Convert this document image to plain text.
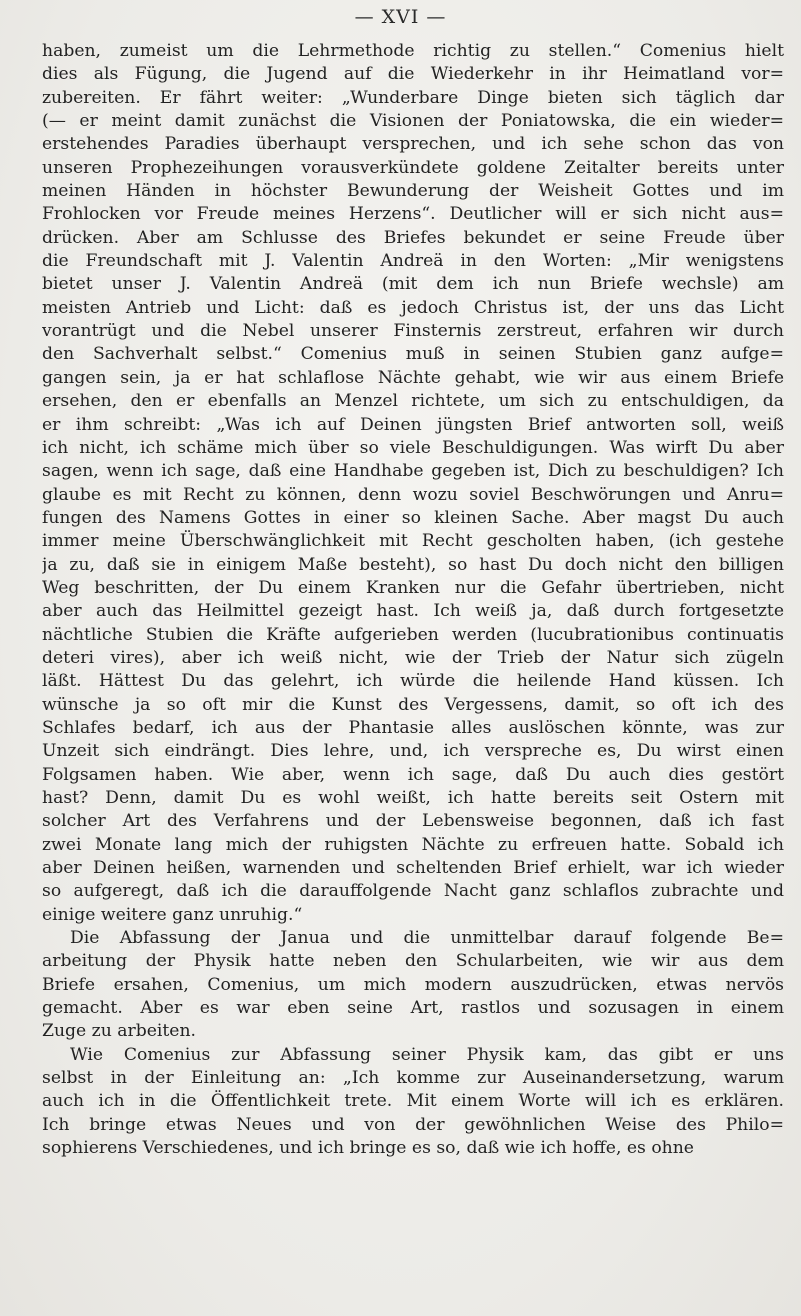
— XVI —
haben, zumeist um die Lehrmethode richtig zu stellen.“ Comenius hielt
dies als Fügung, die Jugend auf die Wiederkehr in ihr Heimatland vor=
zubereiten. Er fährt weiter: „Wunderbare Dinge bieten sich täglich dar
(— er meint damit zunächst die Visionen der Poniatowska, die ein wieder=
erstehendes Paradies überhaupt versprechen, und ich sehe schon das von
unseren Prophezeihungen vorausverkündete goldene Zeitalter bereits unter
meinen Händen in höchster Bewunderung der Weisheit Gottes und im
Frohlocken vor Freude meines Herzens“. Deutlicher will er sich nicht aus=
drücken. Aber am Schlusse des Briefes bekundet er seine Freude über
die Freundschaft mit J. Valentin Andreä in den Worten: „Mir wenigstens
bietet unser J. Valentin Andreä (mit dem ich nun Briefe wechsle) am
meisten Antrieb und Licht: daß es jedoch Christus ist, der uns das Licht
vorantrügt und die Nebel unserer Finsternis zerstreut, erfahren wir durch
den Sachverhalt selbst.“ Comenius muß in seinen Stubien ganz aufge=
gangen sein, ja er hat schlaflose Nächte gehabt, wie wir aus einem Briefe
ersehen, den er ebenfalls an Menzel richtete, um sich zu entschuldigen, da
er ihm schreibt: „Was ich auf Deinen jüngsten Brief antworten soll, weiß
ich nicht, ich schäme mich über so viele Beschuldigungen. Was wirft Du aber
sagen, wenn ich sage, daß eine Handhabe gegeben ist, Dich zu beschuldigen? Ich
glaube es mit Recht zu können, denn wozu soviel Beschwörungen und Anru=
fungen des Namens Gottes in einer so kleinen Sache. Aber magst Du auch
immer meine Überschwänglichkeit mit Recht gescholten haben, (ich gestehe
ja zu, daß sie in einigem Maße besteht), so hast Du doch nicht den billigen
Weg beschritten, der Du einem Kranken nur die Gefahr übertrieben, nicht
aber auch das Heilmittel gezeigt hast. Ich weiß ja, daß durch fortgesetzte
nächtliche Stubien die Kräfte aufgerieben werden (lucubrationibus continuatis
deteri vires), aber ich weiß nicht, wie der Trieb der Natur sich zügeln
läßt. Hättest Du das gelehrt, ich würde die heilende Hand küssen. Ich
wünsche ja so oft mir die Kunst des Vergessens, damit, so oft ich des
Schlafes bedarf, ich aus der Phantasie alles auslöschen könnte, was zur
Unzeit sich eindrängt. Dies lehre, und, ich verspreche es, Du wirst einen
Folgsamen haben. Wie aber, wenn ich sage, daß Du auch dies gestört
hast? Denn, damit Du es wohl weißt, ich hatte bereits seit Ostern mit
solcher Art des Verfahrens und der Lebensweise begonnen, daß ich fast
zwei Monate lang mich der ruhigsten Nächte zu erfreuen hatte. Sobald ich
aber Deinen heißen, warnenden und scheltenden Brief erhielt, war ich wieder
so aufgeregt, daß ich die darauffolgende Nacht ganz schlaflos zubrachte und
einige weitere ganz unruhig.“
Die Abfassung der Janua und die unmittelbar darauf folgende Be=
arbeitung der Physik hatte neben den Schularbeiten, wie wir aus dem
Briefe ersahen, Comenius, um mich modern auszudrücken, etwas nervös
gemacht. Aber es war eben seine Art, rastlos und sozusagen in einem
Zuge zu arbeiten.
Wie Comenius zur Abfassung seiner Physik kam, das gibt er uns
selbst in der Einleitung an: „Ich komme zur Auseinandersetzung, warum
auch ich in die Öffentlichkeit trete. Mit einem Worte will ich es erklären.
Ich bringe etwas Neues und von der gewöhnlichen Weise des Philo=
sophierens Verschiedenes, und ich bringe es so, daß wie ich hoffe, es ohne
